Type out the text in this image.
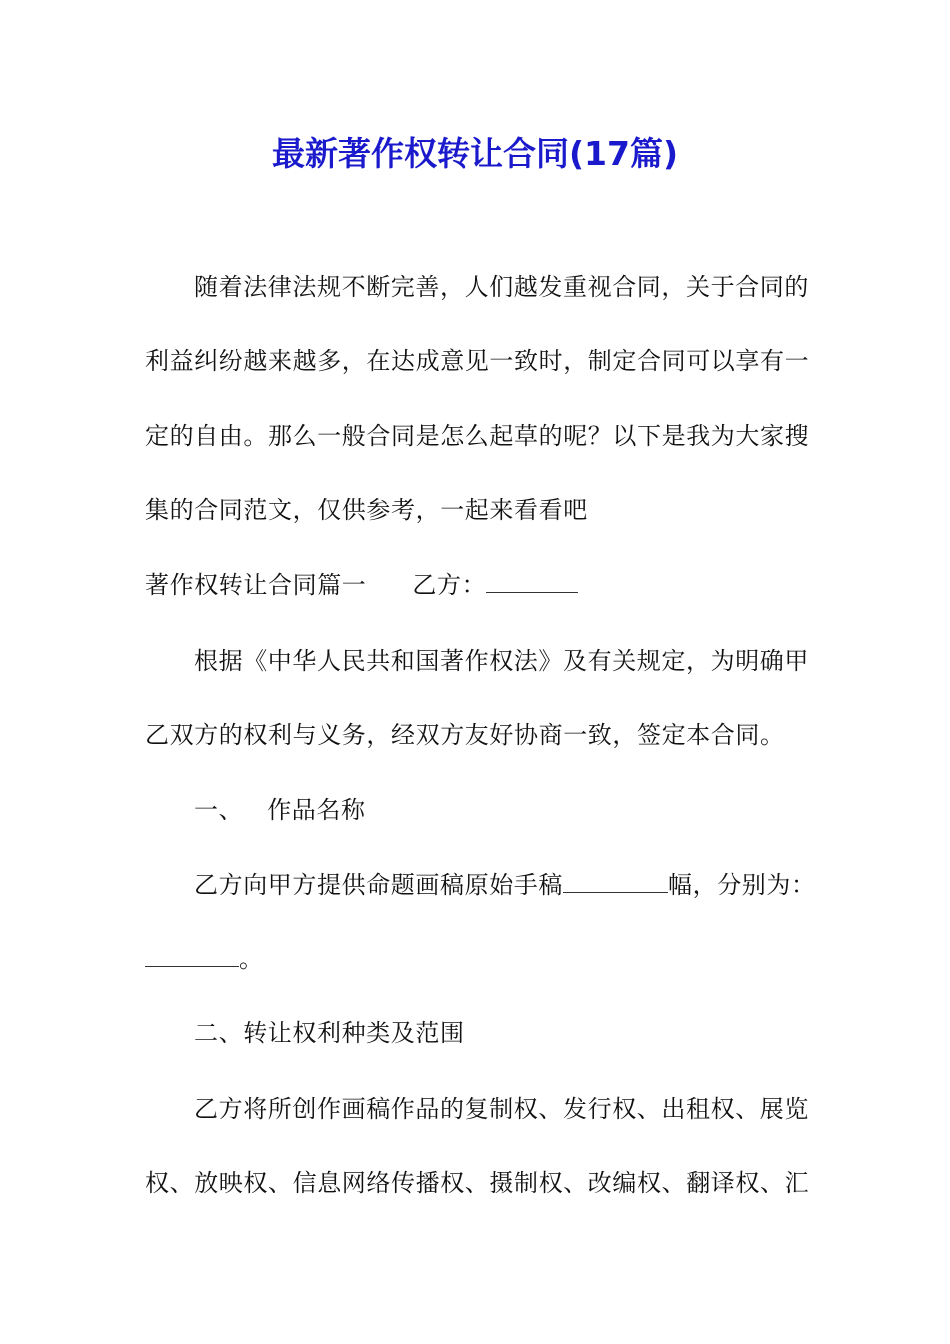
最新著作权转让合同(17篇)
随着法律法规不断完善，人们越发重视合同，关于合同的
利益纠纷越来越多，在达成意见一致时，制定合同可以享有一
定的自由。那么一般合同是怎么起草的呢？以下是我为大家搜
集的合同范文，仅供参考，一起来看看吧
著作权转让合同篇一 乙方：
根据《中华人民共和国著作权法》及有关规定，为明确甲
乙双方的权利与义务，经双方友好协商一致，签定本合同。
一、 作品名称
乙方向甲方提供命题画稿原始手稿	幅，分别为：
。
二、转让权利种类及范围
乙方将所创作画稿作品的复制权、发行权、出租权、展览
权、放映权、信息网络传播权、摄制权、改编权、翻译权、汇
